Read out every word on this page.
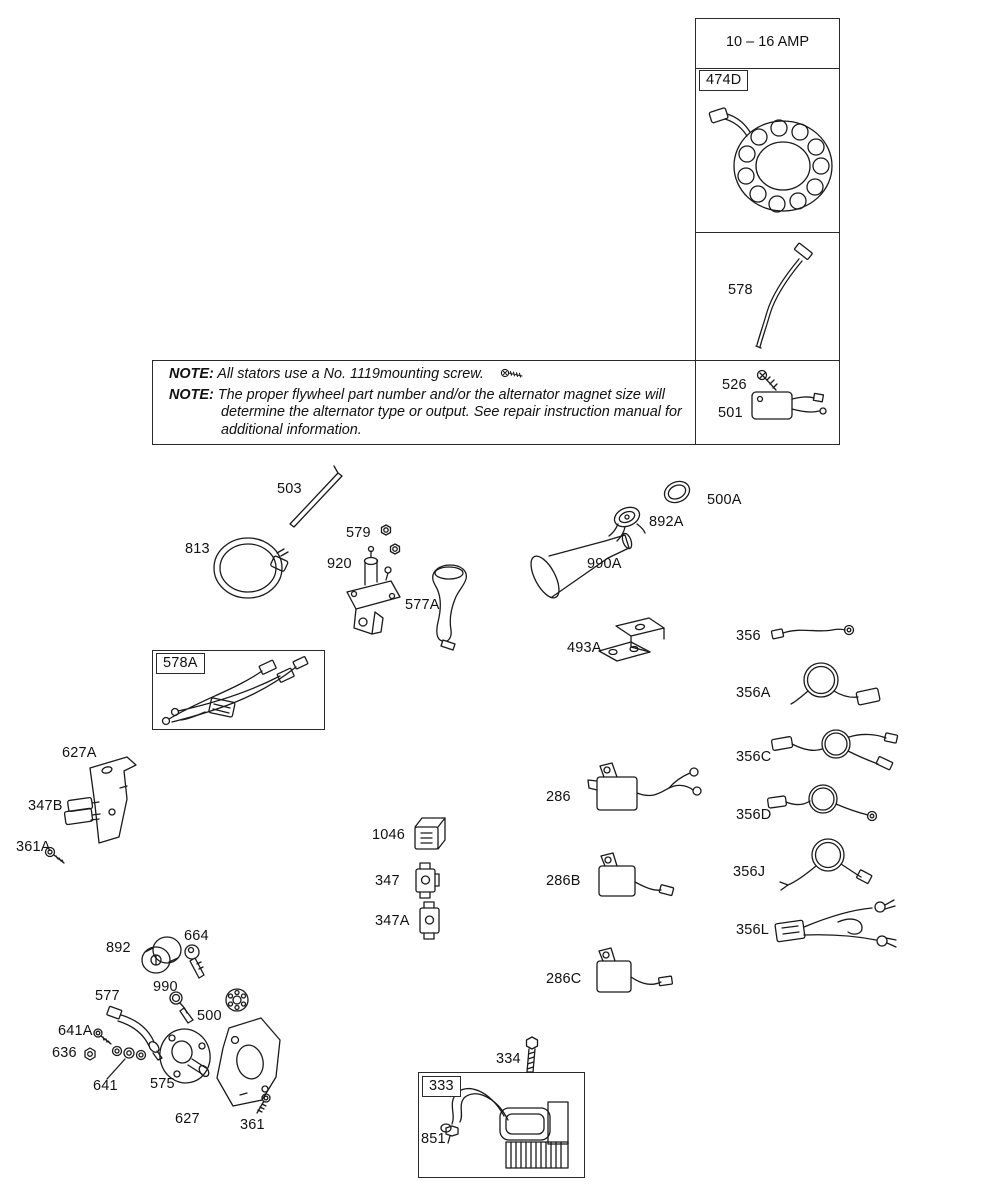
10 – 16 AMP
474D
578A
333
578
526
501
503
579
813
920
577A
500A
892A
990A
493A
356
356A
356C
356D
356J
356L
627A
347B
361A
286
1046
347
347A
286B
286C
892
664
990
577
500
641A
636
641 575
627	361
334
851

NOTE: All stators use a No. 1119mounting screw.

NOTE: The proper flywheel part number and/or the alternator magnet size will determine the alternator type or output. See repair instruction manual for additional information.
